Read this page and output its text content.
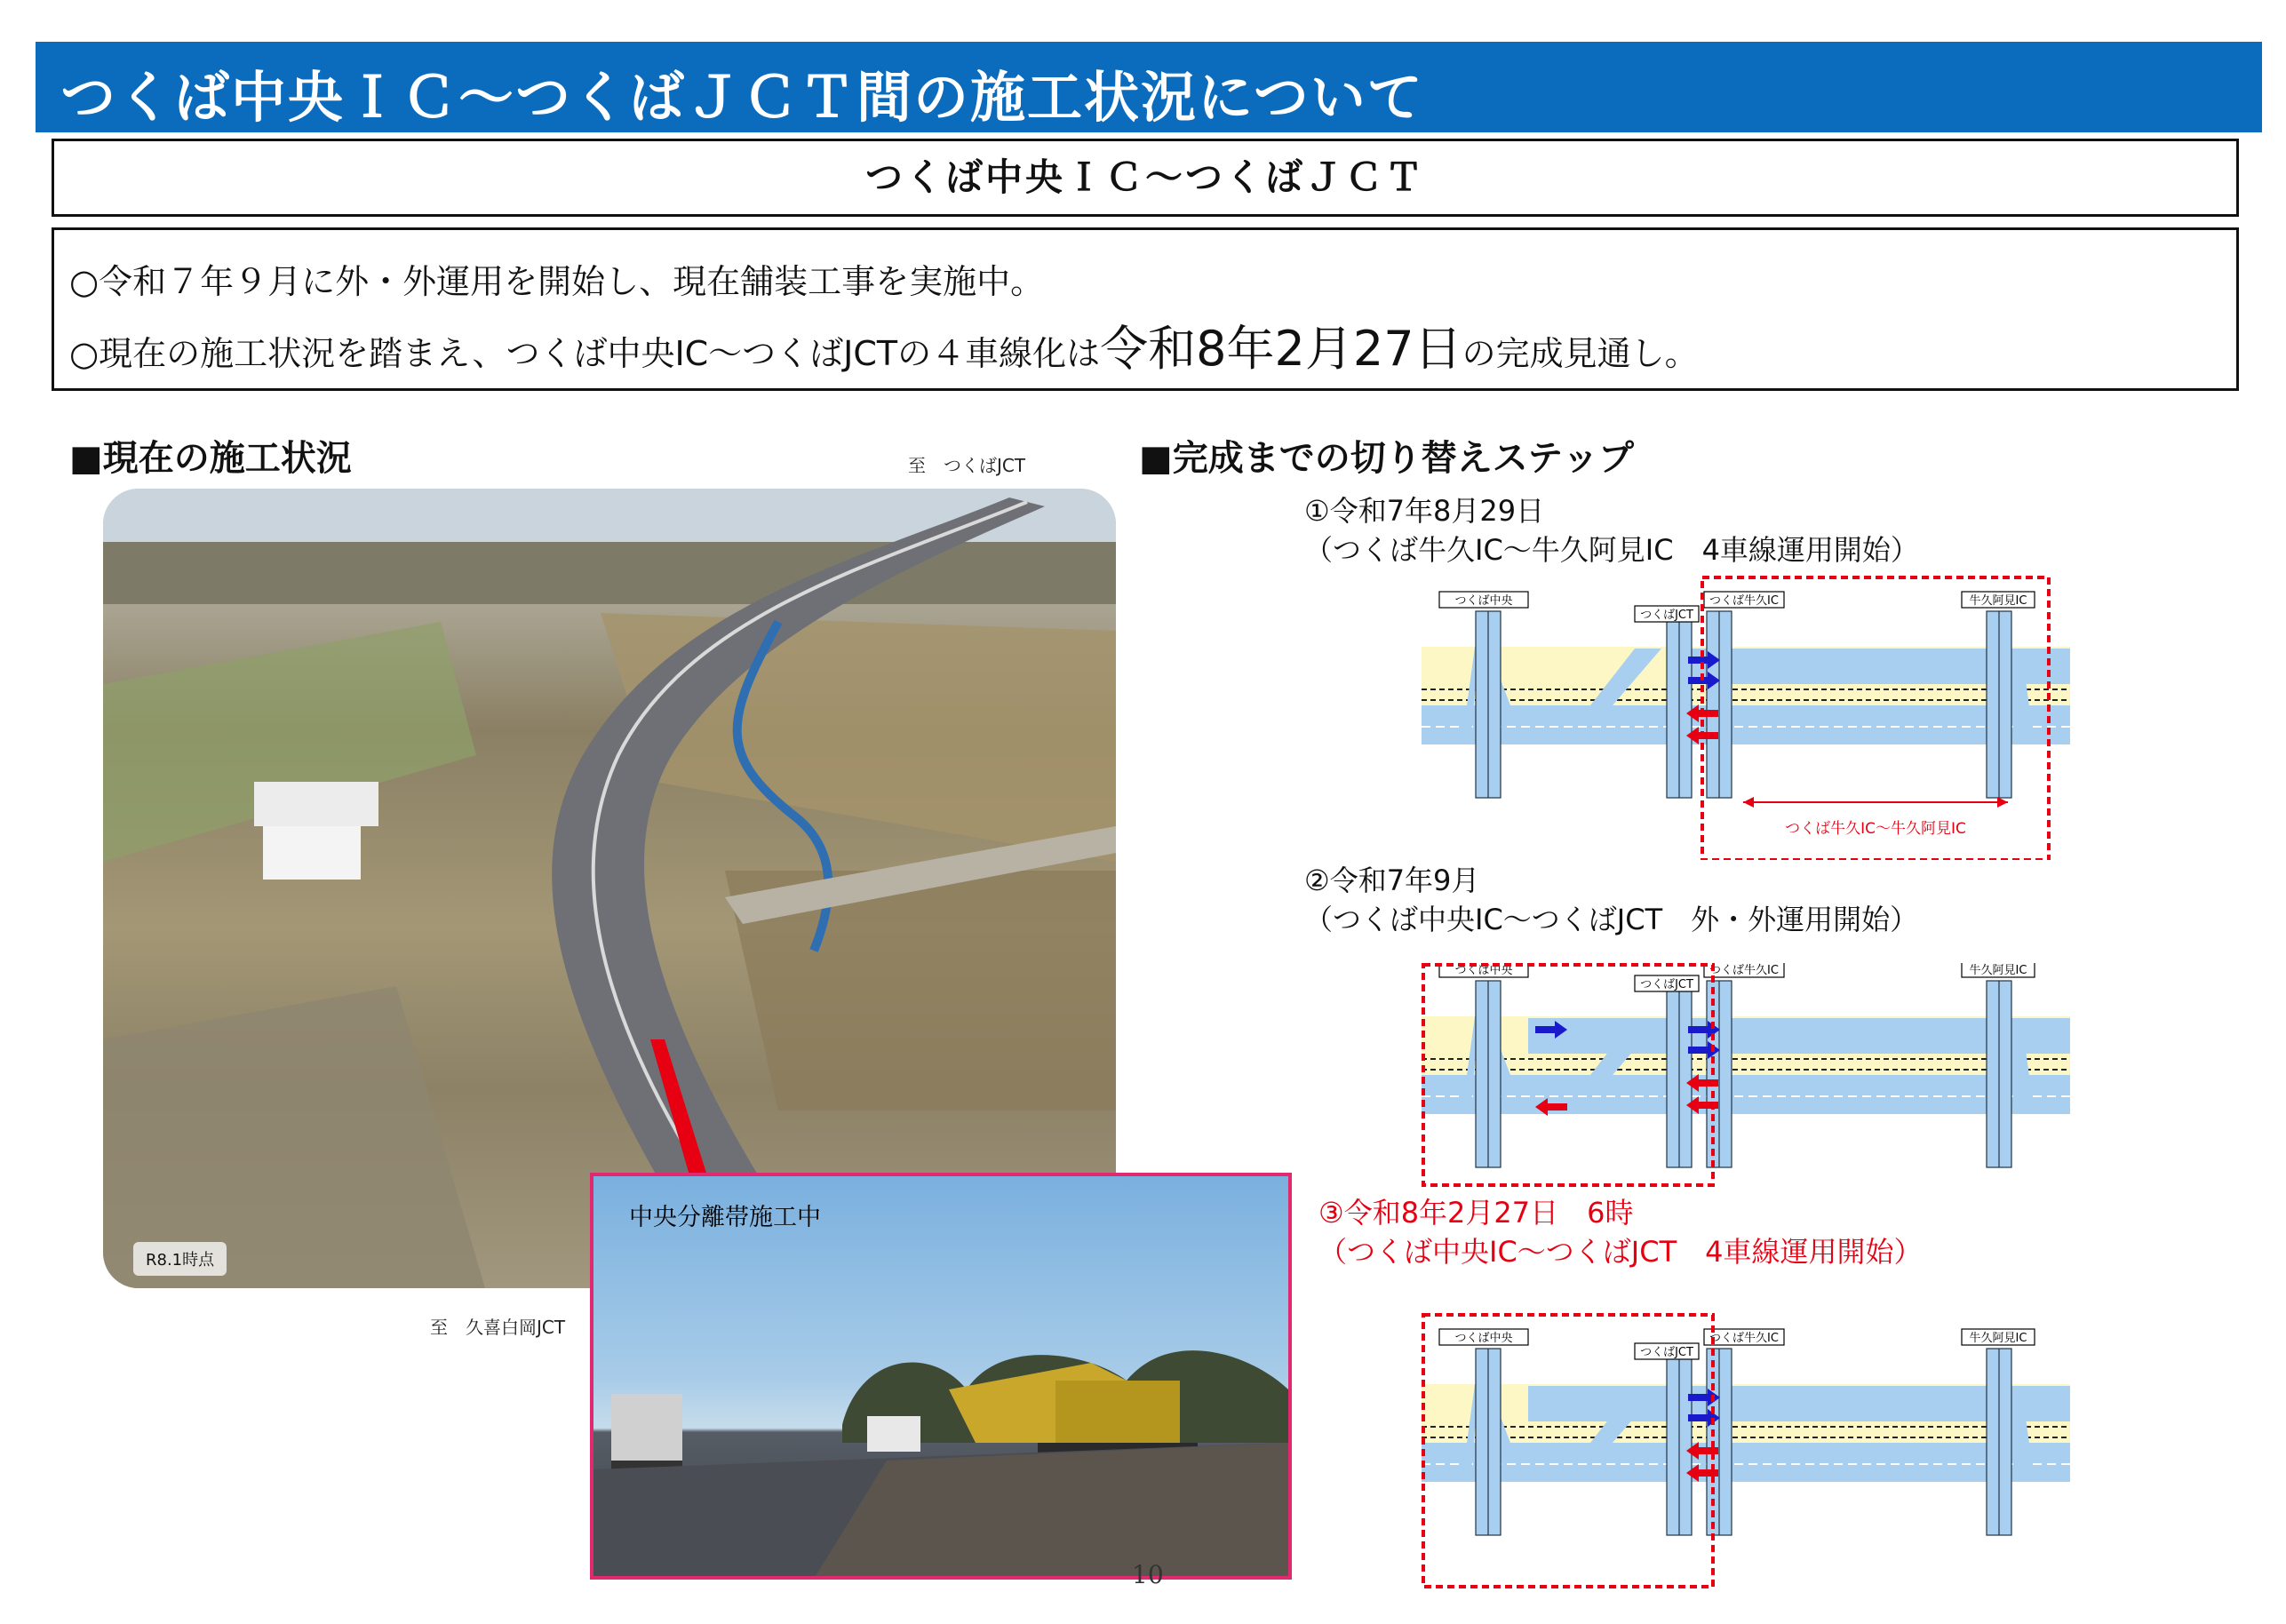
つくば中央ＩＣ～つくばＪＣＴ間の施工状況について
つくば中央ＩＣ～つくばＪＣＴ
○令和７年９月に外・外運用を開始し、現在舗装工事を実施中。
○現在の施工状況を踏まえ、つくば中央IC～つくばJCTの４車線化は令和8年2月27日の完成見通し。
■現在の施工状況	至　つくばJCT
R8.1時点
至　久喜白岡JCT
中央分離帯施工中
■完成までの切り替えステップ
①令和7年8月29日
（つくば牛久IC～牛久阿見IC　4車線運用開始）
②令和7年9月
（つくば中央IC～つくばJCT　外・外運用開始）
③令和8年2月27日　6時
（つくば中央IC～つくばJCT　4車線運用開始）
つくば中央
つくばJCT
つくば牛久IC	牛久阿見IC
つくば牛久IC～牛久阿見IC
つくば中央
つくばJCT
つくば牛久IC	牛久阿見IC
つくば中央
つくばJCT
つくば牛久IC	牛久阿見IC
10
